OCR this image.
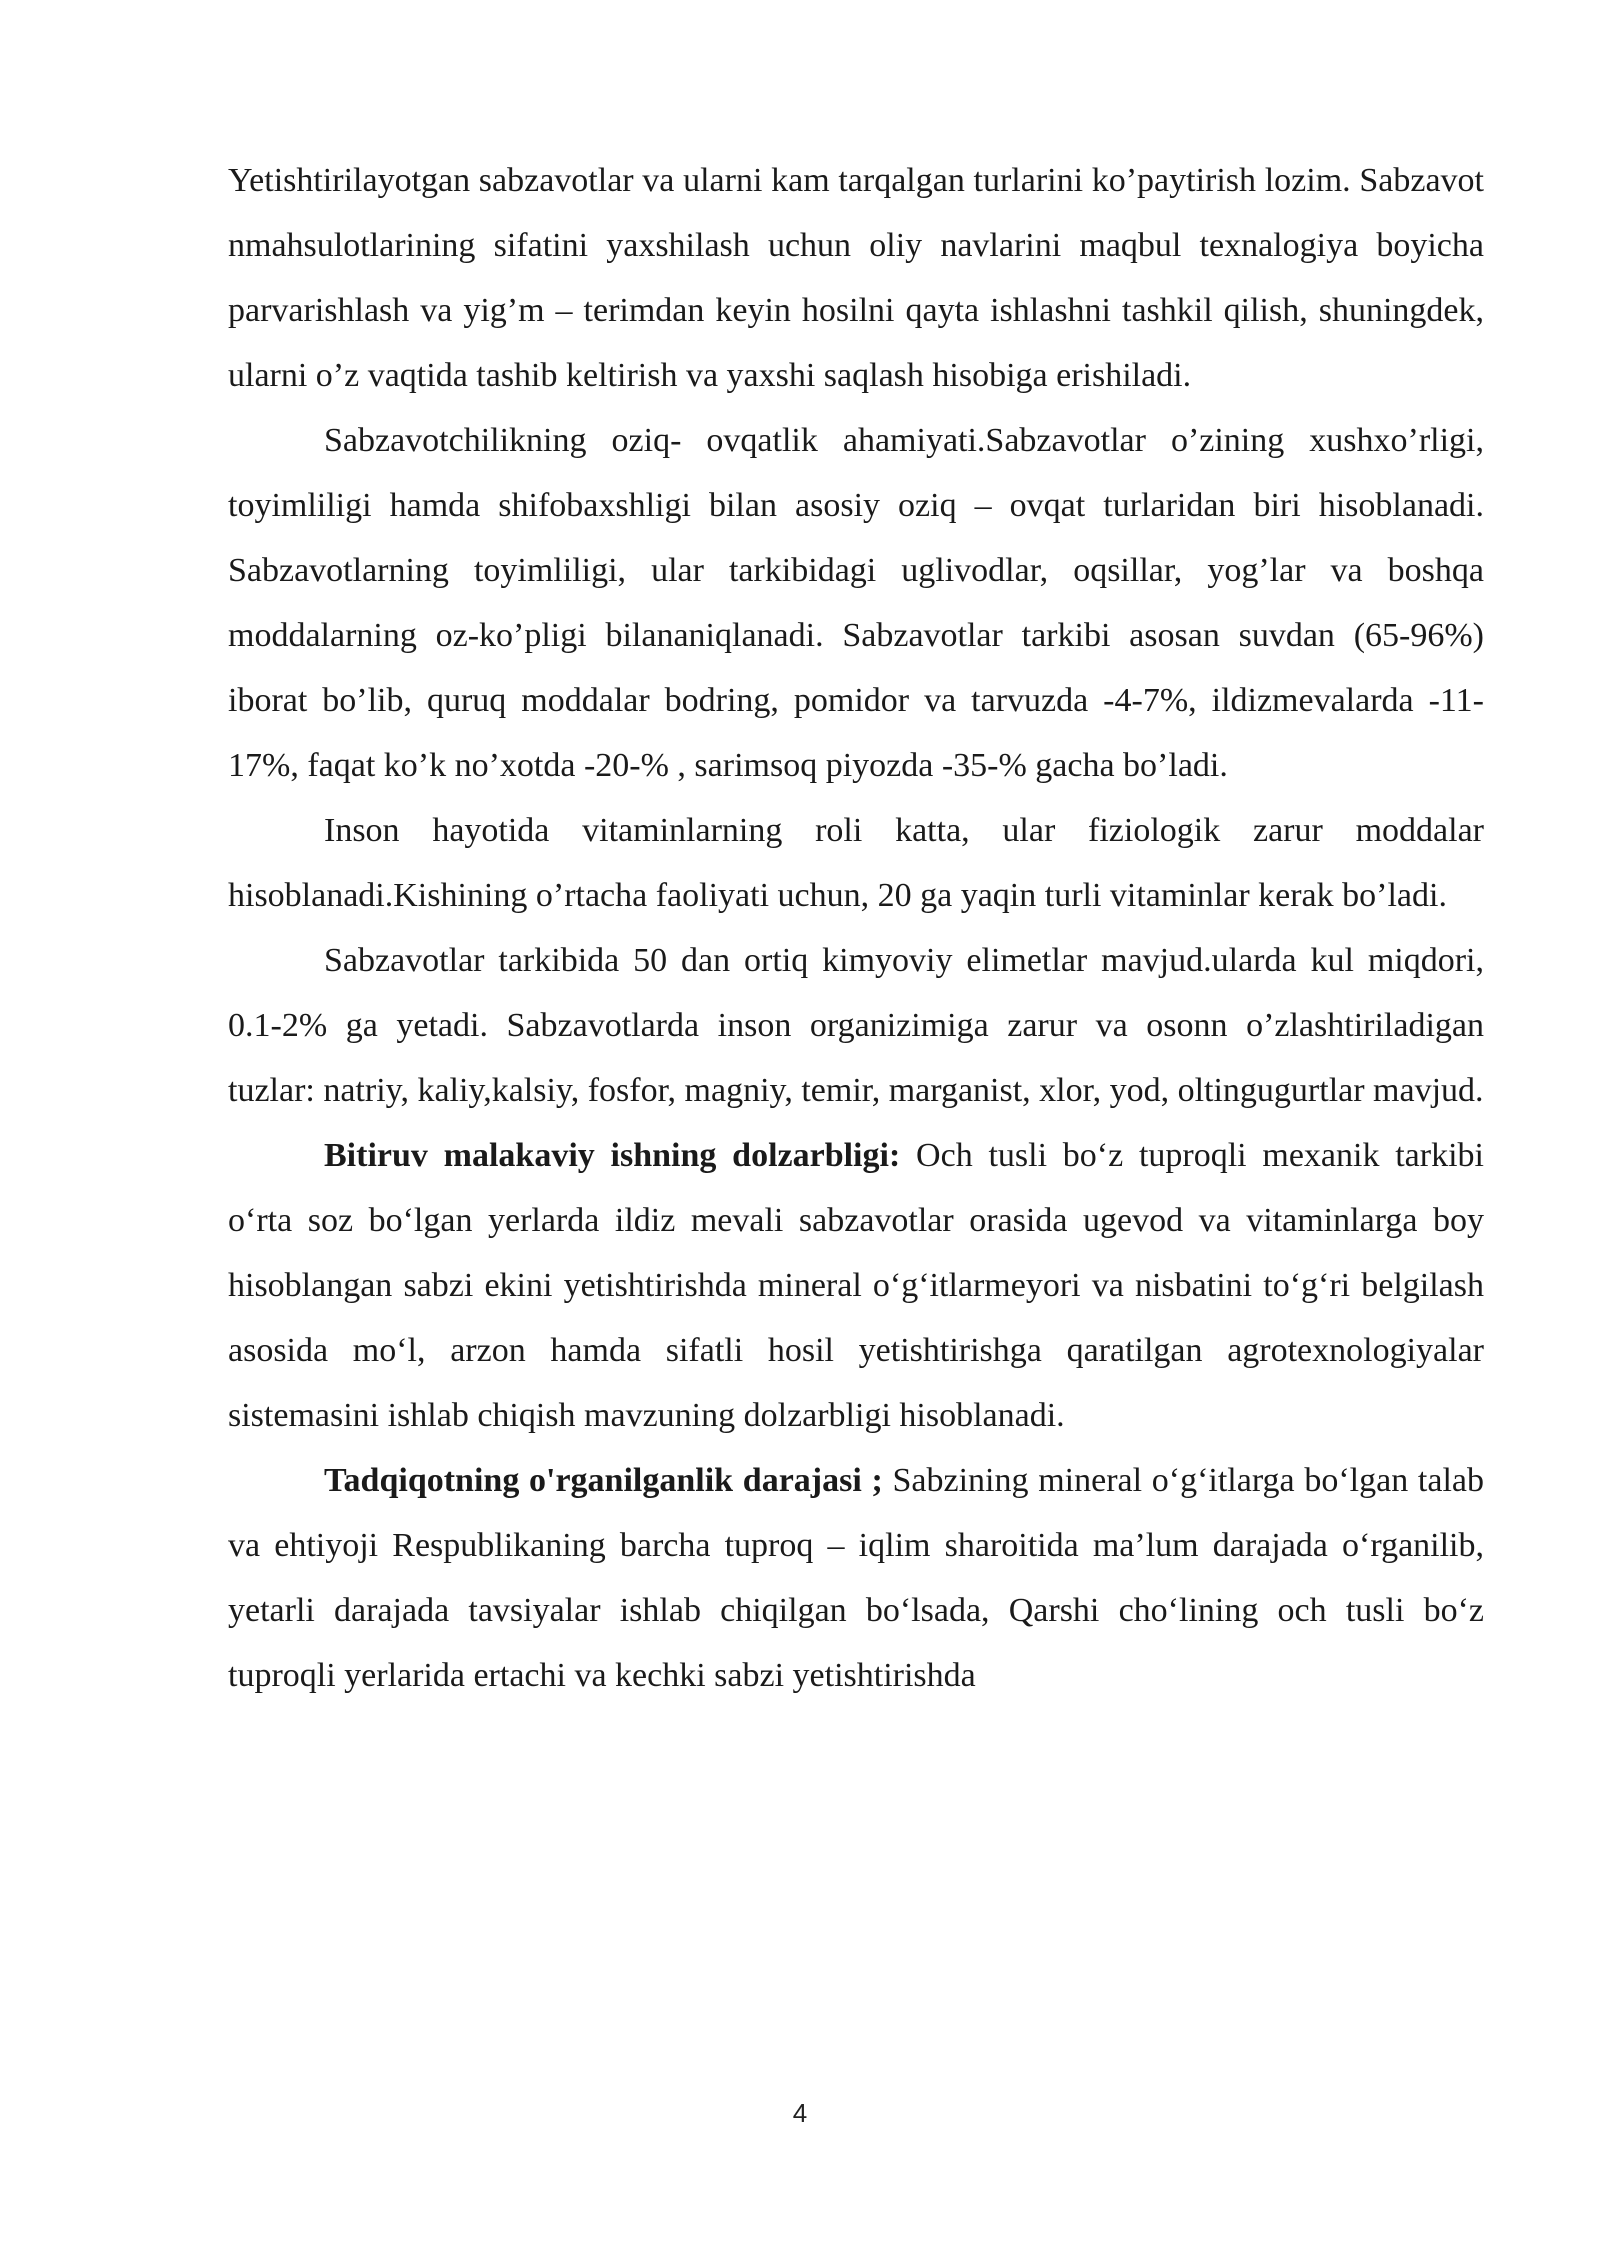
Yetishtirilayotgan sabzavotlar va ularni kam tarqalgan turlarini ko’paytirish lozim. Sabzavot nmahsulotlarining sifatini yaxshilash uchun oliy navlarini maqbul texnalogiya boyicha parvarishlash va yig’m – terimdan keyin hosilni qayta ishlashni tashkil qilish, shuningdek, ularni o’z vaqtida tashib keltirish va yaxshi saqlash hisobiga erishiladi.

Sabzavotchilikning oziq- ovqatlik ahamiyati.Sabzavotlar o’zining xushxo’rligi, toyimliligi hamda shifobaxshligi bilan asosiy oziq – ovqat turlaridan biri hisoblanadi. Sabzavotlarning toyimliligi, ular tarkibidagi uglivodlar, oqsillar, yog’lar va boshqa moddalarning oz-ko’pligi bilananiqlanadi. Sabzavotlar tarkibi asosan suvdan (65-96%) iborat bo’lib, quruq moddalar bodring, pomidor va tarvuzda -4-7%, ildizmevalarda -11-17%, faqat ko’k no’xotda -20-% , sarimsoq piyozda -35-% gacha bo’ladi.

Inson hayotida vitaminlarning roli katta, ular fiziologik zarur moddalar hisoblanadi.Kishining o’rtacha faoliyati uchun, 20 ga yaqin turli vitaminlar kerak bo’ladi.

Sabzavotlar tarkibida 50 dan ortiq kimyoviy elimetlar mavjud.ularda kul miqdori, 0.1-2% ga yetadi. Sabzavotlarda inson organizimiga zarur va osonn o’zlashtiriladigan tuzlar: natriy, kaliy,kalsiy, fosfor, magniy, temir, marganist, xlor, yod, oltingugurtlar mavjud.

Bitiruv malakaviy ishning dolzarbligi: Och tusli bo‘z tuproqli mexanik tarkibi o‘rta soz bo‘lgan yerlarda ildiz mevali sabzavotlar orasida ugevod va vitaminlarga boy hisoblangan sabzi ekini yetishtirishda mineral o‘g‘itlarmeyori va nisbatini to‘g‘ri belgilash asosida mo‘l, arzon hamda sifatli hosil yetishtirishga qaratilgan agrotexnologiyalar sistemasini ishlab chiqish mavzuning dolzarbligi hisoblanadi.

Tadqiqotning o'rganilganlik darajasi ; Sabzining mineral o‘g‘itlarga bo‘lgan talab va ehtiyoji Respublikaning barcha tuproq – iqlim sharoitida ma’lum darajada o‘rganilib, yetarli darajada tavsiyalar ishlab chiqilgan bo‘lsada, Qarshi cho‘lining och tusli bo‘z tuproqli yerlarida ertachi va kechki sabzi yetishtirishda

4
